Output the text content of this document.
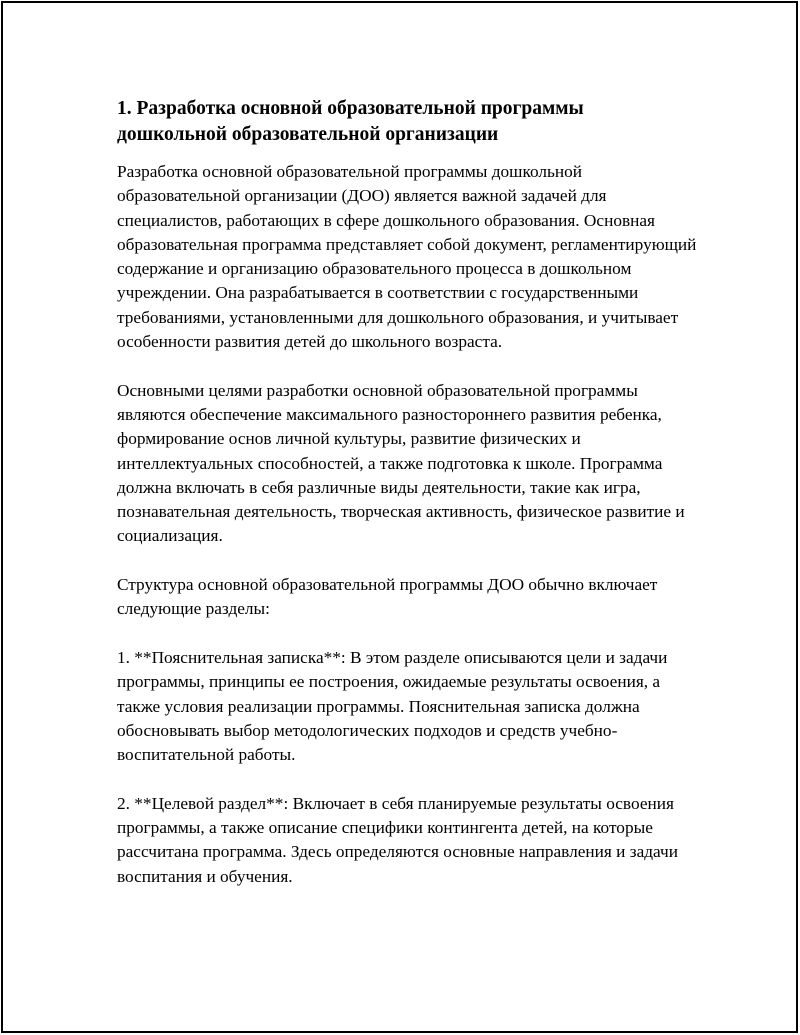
1. Разработка основной образовательной программы
дошкольной образовательной организации

Разработка основной образовательной программы дошкольной образовательной организации (ДОО) является важной задачей для специалистов, работающих в сфере дошкольного образования. Основная образовательная программа представляет собой документ, регламентирующий содержание и организацию образовательного процесса в дошкольном учреждении. Она разрабатывается в соответствии с государственными требованиями, установленными для дошкольного образования, и учитывает особенности развития детей до школьного возраста.

Основными целями разработки основной образовательной программы являются обеспечение максимального разностороннего развития ребенка, формирование основ личной культуры, развитие физических и интеллектуальных способностей, а также подготовка к школе. Программа должна включать в себя различные виды деятельности, такие как игра, познавательная деятельность, творческая активность, физическое развитие и социализация.

Структура основной образовательной программы ДОО обычно включает следующие разделы:

1. **Пояснительная записка**: В этом разделе описываются цели и задачи программы, принципы ее построения, ожидаемые результаты освоения, а также условия реализации программы. Пояснительная записка должна обосновывать выбор методологических подходов и средств учебно-воспитательной работы.

2. **Целевой раздел**: Включает в себя планируемые результаты освоения программы, а также описание специфики контингента детей, на которые рассчитана программа. Здесь определяются основные направления и задачи воспитания и обучения.
